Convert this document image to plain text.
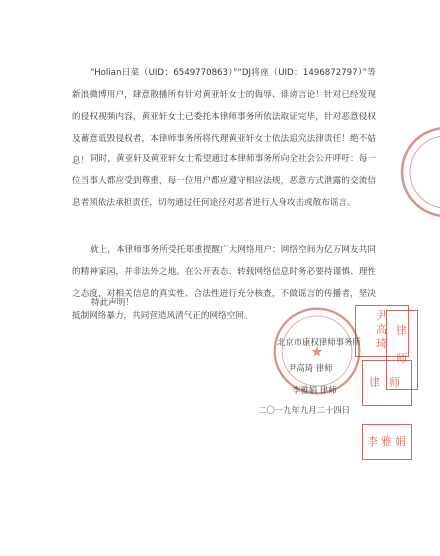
“Holian日菜（UID：6549770863）”“DJ将座（UID：1496872797）”等新浪微博用户，肆意散播所有针对黄亚轩女士的侮辱、诽谤言论！针对已经发现的侵权视频内容，黄亚轩女士已委托本律师事务所依法取证完毕，针对恶意侵权及蓄意诋毁侵权者，本律师事务所将代理黄亚轩女士依法追究法律责任！绝不姑息！ 同时，黄亚轩及黄亚轩女士希望通过本律师事务所向全社会公开呼吁：每一位当事人都应受到尊重，每一位用户都应遵守相应法规，恶意方式泄露的交流信息者须依法承担责任，切勿通过任何途径对恶者进行人身攻击或散布谣言。

就上，本律师事务所受托郑重提醒广大网络用户：网络空间为亿万网友共同的精神家园，并非法外之地。在公开表态、转载网络信息时务必要持谨慎、理性之态度，对相关信息的真实性、合法性进行充分核查，不做谣言的传播者，坚决抵制网络暴力，共同营造风清气正的网络空间。

特此声明！
★
北京市康权律师事务所
尹高琦 律师
李雅娟 律师
二〇一九年九月二十四日
尹
高
琦
律 师
律
师
李 雅 娟
